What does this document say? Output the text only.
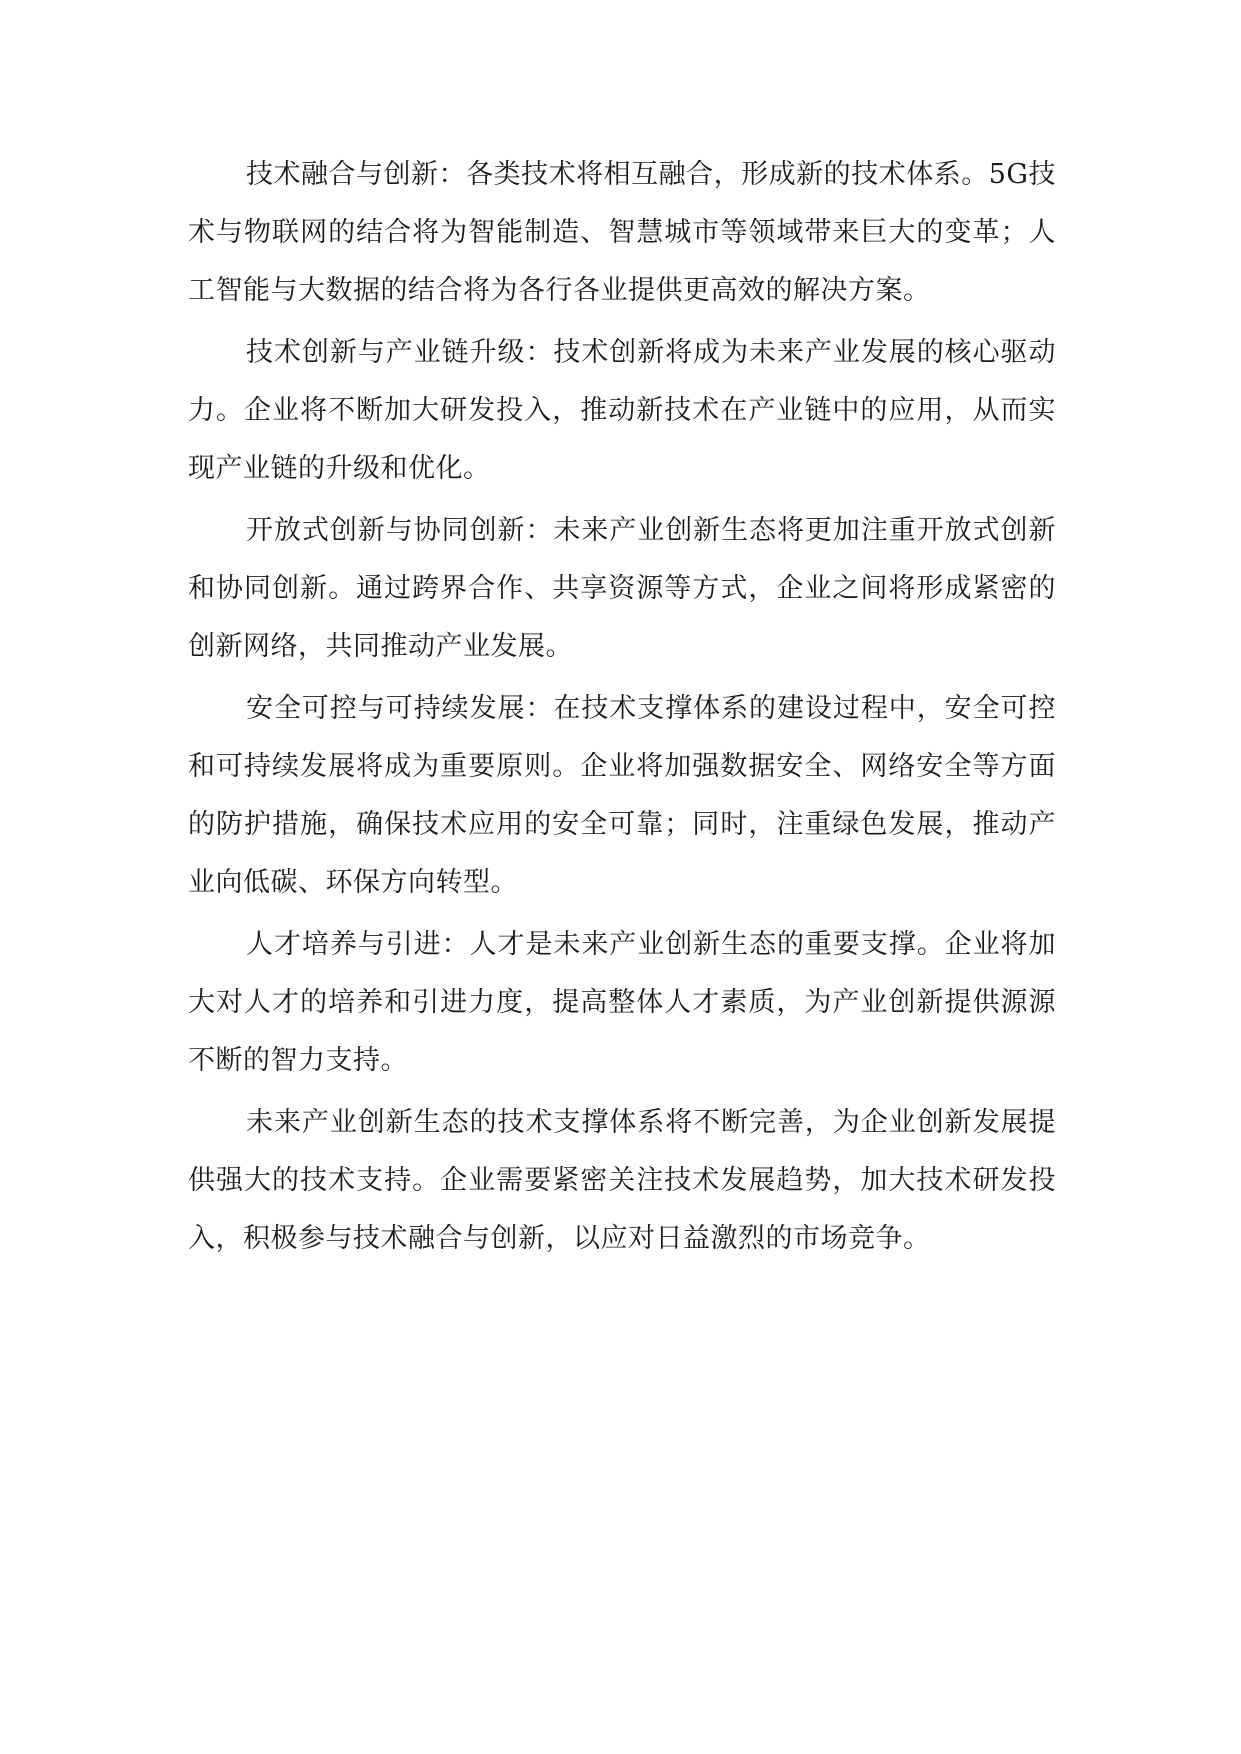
技术融合与创新：各类技术将相互融合，形成新的技术体系。5G技术与物联网的结合将为智能制造、智慧城市等领域带来巨大的变革；人工智能与大数据的结合将为各行各业提供更高效的解决方案。

技术创新与产业链升级：技术创新将成为未来产业发展的核心驱动力。企业将不断加大研发投入，推动新技术在产业链中的应用，从而实现产业链的升级和优化。

开放式创新与协同创新：未来产业创新生态将更加注重开放式创新和协同创新。通过跨界合作、共享资源等方式，企业之间将形成紧密的创新网络，共同推动产业发展。

安全可控与可持续发展：在技术支撑体系的建设过程中，安全可控和可持续发展将成为重要原则。企业将加强数据安全、网络安全等方面的防护措施，确保技术应用的安全可靠；同时，注重绿色发展，推动产业向低碳、环保方向转型。

人才培养与引进：人才是未来产业创新生态的重要支撑。企业将加大对人才的培养和引进力度，提高整体人才素质，为产业创新提供源源不断的智力支持。

未来产业创新生态的技术支撑体系将不断完善，为企业创新发展提供强大的技术支持。企业需要紧密关注技术发展趋势，加大技术研发投入，积极参与技术融合与创新，以应对日益激烈的市场竞争。
